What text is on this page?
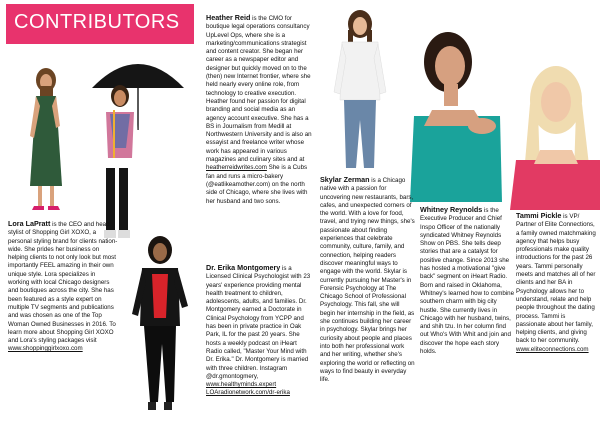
CONTRIBUTORS

Lora LaPratt is the CEO and head stylist of Shopping Girl XOXO, a personal styling brand for clients nation-wide. She prides her business on helping clients to not only look but most importantly FEEL amazing in their own unique style. Lora specializes in working with local Chicago designers and boutiques across the city. She has been featured as a style expert on multiple TV segments and publications and was chosen as one of the Top Woman Owned Businesses in 2016. To learn more about Shopping Girl XOXO and Lora's styling packages visit www.shoppinggirlxoxo.com

Heather Reid is the CMO for boutique legal operations consultancy UpLevel Ops, where she is a marketing/communications strategist and content creator. She began her career as a newspaper editor and designer but quickly moved on to the (then) new Internet frontier, where she held nearly every online role, from technology to creative execution. Heather found her passion for digital branding and social media as an agency account executive. She has a BS in Journalism from Medill at Northwestern University and is also an essayist and freelance writer whose work has appeared in various magazines and culinary sites and at heatherreidwrites.com She is a Cubs fan and runs a micro-bakery (@eatlikeamother.com) on the north side of Chicago, where she lives with her husband and two sons.

Dr. Erika Montgomery is a Licensed Clinical Psychologist with 23 years' experience providing mental health treatment to children, adolescents, adults, and families. Dr. Montgomery earned a Doctorate in Clinical Psychology from YCPP and has been in private practice in Oak Park, IL for the past 20 years. She hosts a weekly podcast on iHeart Radio called, "Master Your Mind with Dr. Erika." Dr. Montgomery is married with three children. Instagram @dr.gmontogmery, www.healthyminds.expert LOAradionetwork.com/dr-erika

Skylar Zerman is a Chicago native with a passion for uncovering new restaurants, bars, cafes, and unexpected corners of the world. With a love for food, travel, and trying new things, she's passionate about finding experiences that celebrate community, culture, family, and connection, helping readers discover meaningful ways to engage with the world. Skylar is currently pursuing her Master's in Forensic Psychology at The Chicago School of Professional Psychology. This fall, she will begin her internship in the field, as she continues building her career in psychology. Skylar brings her curiosity about people and places into both her professional work and her writing, whether she's exploring the world or reflecting on ways to find beauty in everyday life.

Whitney Reynolds is the Executive Producer and Chief Inspo Officer of the nationally syndicated Whitney Reynolds Show on PBS. She tells deep stories that are a catalyst for positive change. Since 2013 she has hosted a motivational "give back" segment on iHeart Radio. Born and raised in Oklahoma, Whitney's learned how to combine southern charm with big city hustle. She currently lives in Chicago with her husband, twins, and shih tzu. In her column find out Who's With Whit and join and discover the hope each story holds.

Tammi Pickle is VP/ Partner of Elite Connections, a family owned matchmaking agency that helps busy professionals make quality introductions for the past 26 years. Tammi personally meets and matches all of her clients and her BA in Psychology allows her to understand, relate and help people throughout the dating process. Tammi is passionate about her family, helping clients, and giving back to her community. www.eliteconnections.com
